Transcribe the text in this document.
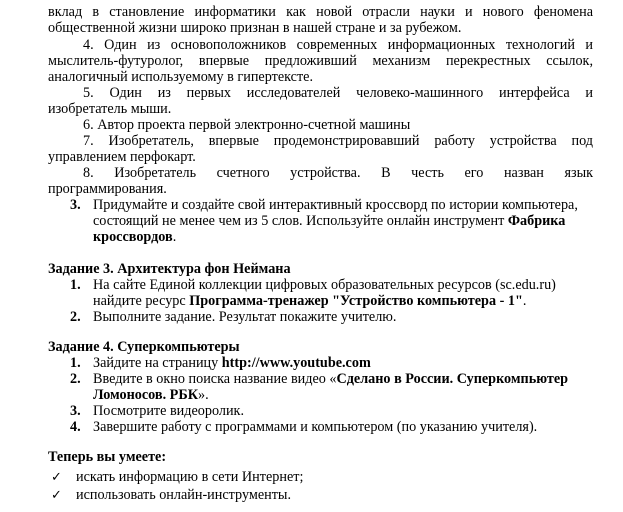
вклад в становление информатики как новой отрасли науки и нового феномена
общественной жизни широко признан в нашей стране и за рубежом.
4. Один из основоположников современных информационных технологий и
мыслитель-футуролог, впервые предложивший механизм перекрестных ссылок,
аналогичный используемому в гипертексте.
5. Один из первых исследователей человеко-машинного интерфейса и
изобретатель мыши.
6. Автор проекта первой электронно-счетной машины
7. Изобретатель, впервые продемонстрировавший работу устройства под
управлением перфокарт.
8. Изобретатель счетного устройства. В честь его назван язык
программирования.
3. Придумайте и создайте свой интерактивный кроссворд по истории компьютера,
состоящий не менее чем из 5 слов. Используйте онлайн инструмент Фабрика
кроссвордов.
Задание 3. Архитектура фон Неймана
1. На сайте Единой коллекции цифровых образовательных ресурсов (sc.edu.ru)
найдите ресурс Программа-тренажер "Устройство компьютера - 1".
2. Выполните задание. Результат покажите учителю.
Задание 4. Суперкомпьютеры
1. Зайдите на страницу http://www.youtube.com
2. Введите в окно поиска название видео «Сделано в России. Суперкомпьютер
Ломоносов. РБК».
3. Посмотрите видеоролик.
4. Завершите работу с программами и компьютером (по указанию учителя).
Теперь вы умеете:
✓ искать информацию в сети Интернет;
✓ использовать онлайн-инструменты.
